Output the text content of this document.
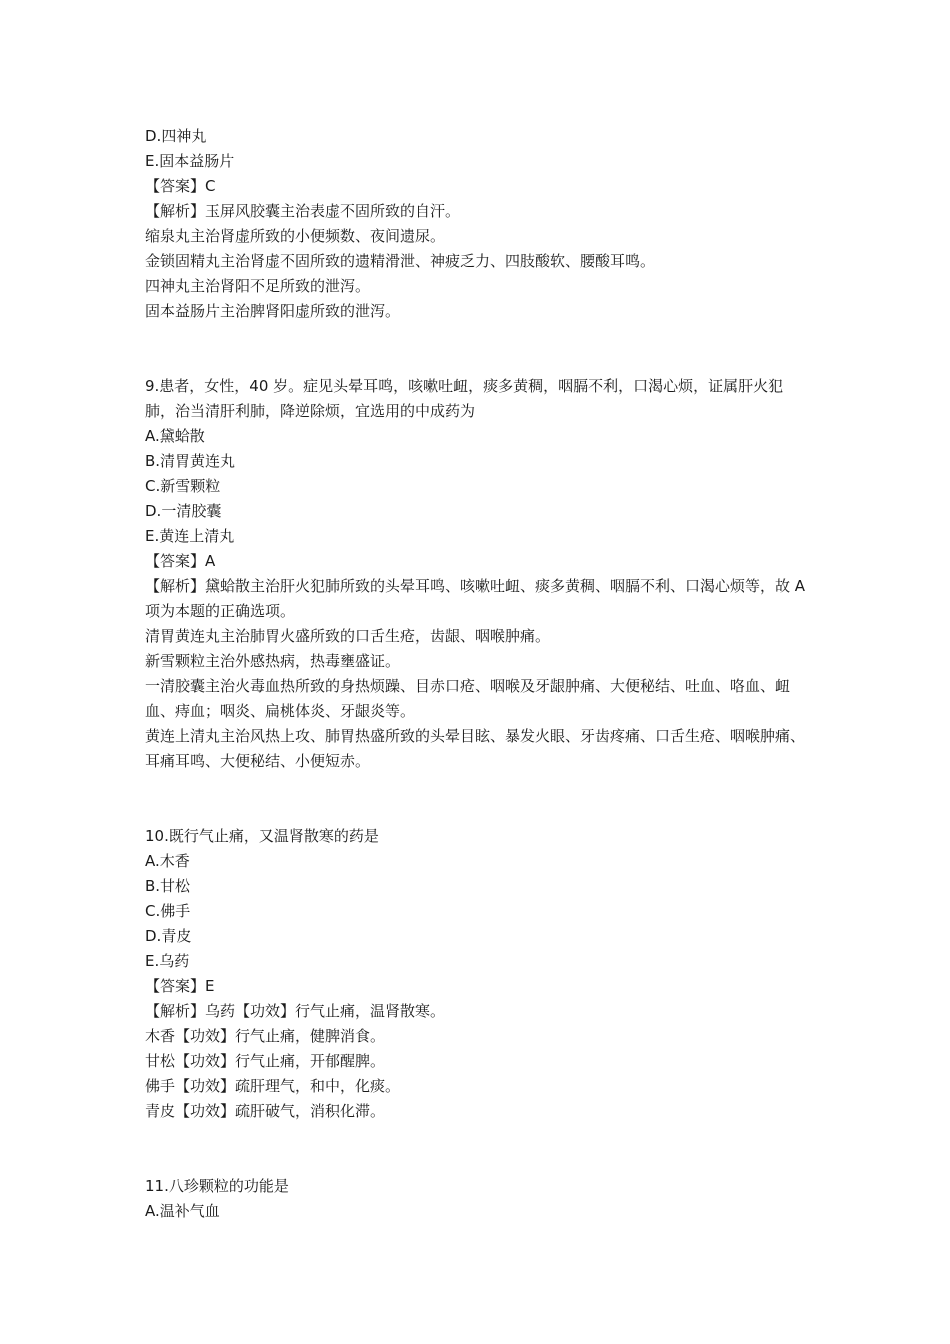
D.四神丸

E.固本益肠片

【答案】C

【解析】玉屏风胶囊主治表虚不固所致的自汗。

缩泉丸主治肾虚所致的小便频数、夜间遗尿。

金锁固精丸主治肾虚不固所致的遗精滑泄、神疲乏力、四肢酸软、腰酸耳鸣。

四神丸主治肾阳不足所致的泄泻。

固本益肠片主治脾肾阳虚所致的泄泻。

9.患者，女性，40 岁。症见头晕耳鸣，咳嗽吐衄，痰多黄稠，咽膈不利，口渴心烦，证属肝火犯肺，治当清肝利肺，降逆除烦，宜选用的中成药为

A.黛蛤散

B.清胃黄连丸

C.新雪颗粒

D.一清胶囊

E.黄连上清丸

【答案】A

【解析】黛蛤散主治肝火犯肺所致的头晕耳鸣、咳嗽吐衄、痰多黄稠、咽膈不利、口渴心烦等，故 A 项为本题的正确选项。

清胃黄连丸主治肺胃火盛所致的口舌生疮，齿龈、咽喉肿痛。

新雪颗粒主治外感热病，热毒壅盛证。

一清胶囊主治火毒血热所致的身热烦躁、目赤口疮、咽喉及牙龈肿痛、大便秘结、吐血、咯血、衄血、痔血；咽炎、扁桃体炎、牙龈炎等。

黄连上清丸主治风热上攻、肺胃热盛所致的头晕目眩、暴发火眼、牙齿疼痛、口舌生疮、咽喉肿痛、耳痛耳鸣、大便秘结、小便短赤。

10.既行气止痛，又温肾散寒的药是

A.木香

B.甘松

C.佛手

D.青皮

E.乌药

【答案】E

【解析】乌药【功效】行气止痛，温肾散寒。

木香【功效】行气止痛，健脾消食。

甘松【功效】行气止痛，开郁醒脾。

佛手【功效】疏肝理气，和中，化痰。

青皮【功效】疏肝破气，消积化滞。

11.八珍颗粒的功能是

A.温补气血
